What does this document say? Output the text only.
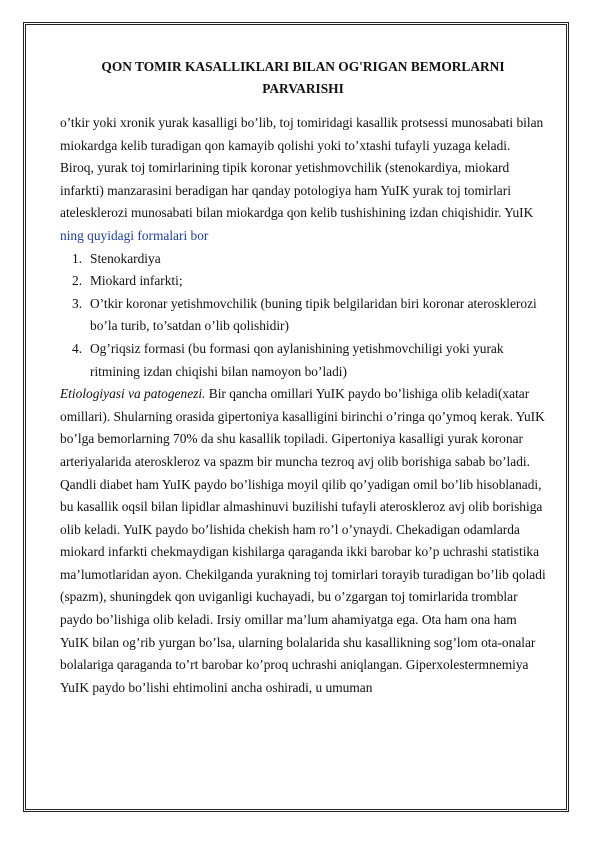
QON TOMIR KASALLIKLARI BILAN OG'RIGAN BEMORLARNI
PARVARISHI

o’tkir yoki xronik yurak kasalligi bo’lib, toj tomiridagi kasallik protsessi munosabati bilan miokardga kelib turadigan qon kamayib qolishi yoki to’xtashi tufayli yuzaga keladi. Biroq, yurak toj tomirlarining tipik koronar yetishmovchilik (stenokardiya, miokard infarkti) manzarasini beradigan har qanday potologiya ham YuIK yurak toj tomirlari atelesklerozi munosabati bilan miokardga qon kelib tushishining izdan chiqishidir. YuIK ning quyidagi formalari bor

1. Stenokardiya
2. Miokard infarkti;
3. O’tkir koronar yetishmovchilik (buning tipik belgilaridan biri koronar aterosklerozi bo’la turib, to’satdan o’lib qolishidir)
4. Og’riqsiz formasi (bu formasi qon aylanishining yetishmovchiligi yoki yurak ritmining izdan chiqishi bilan namoyon bo’ladi)

Etiologiyasi va patogenezi. Bir qancha omillari YuIK paydo bo’lishiga olib keladi(xatar omillari). Shularning orasida gipertoniya kasalligini birinchi o’ringa qo’ymoq kerak. YuIK bo’lga bemorlarning 70% da shu kasallik topiladi. Gipertoniya kasalligi yurak koronar arteriyalarida ateroskleroz va spazm bir muncha tezroq avj olib borishiga sabab bo’ladi. Qandli diabet ham YuIK paydo bo’lishiga moyil qilib qo’yadigan omil bo’lib hisoblanadi, bu kasallik oqsil bilan lipidlar almashinuvi buzilishi tufayli ateroskleroz avj olib borishiga olib keladi. YuIK paydo bo’lishida chekish ham ro’l o’ynaydi. Chekadigan odamlarda miokard infarkti chekmaydigan kishilarga qaraganda ikki barobar ko’p uchrashi statistika ma’lumotlaridan ayon. Chekilganda yurakning toj tomirlari torayib turadigan bo’lib qoladi (spazm), shuningdek qon uviganligi kuchayadi, bu o’zgargan toj tomirlarida tromblar paydo bo’lishiga olib keladi. Irsiy omillar ma’lum ahamiyatga ega. Ota ham ona ham YuIK bilan og’rib yurgan bo’lsa, ularning bolalarida shu kasallikning sog’lom ota-onalar bolalariga qaraganda to’rt barobar ko’proq uchrashi aniqlangan. Giperxolestermnemiya YuIK paydo bo’lishi ehtimolini ancha oshiradi, u umuman
